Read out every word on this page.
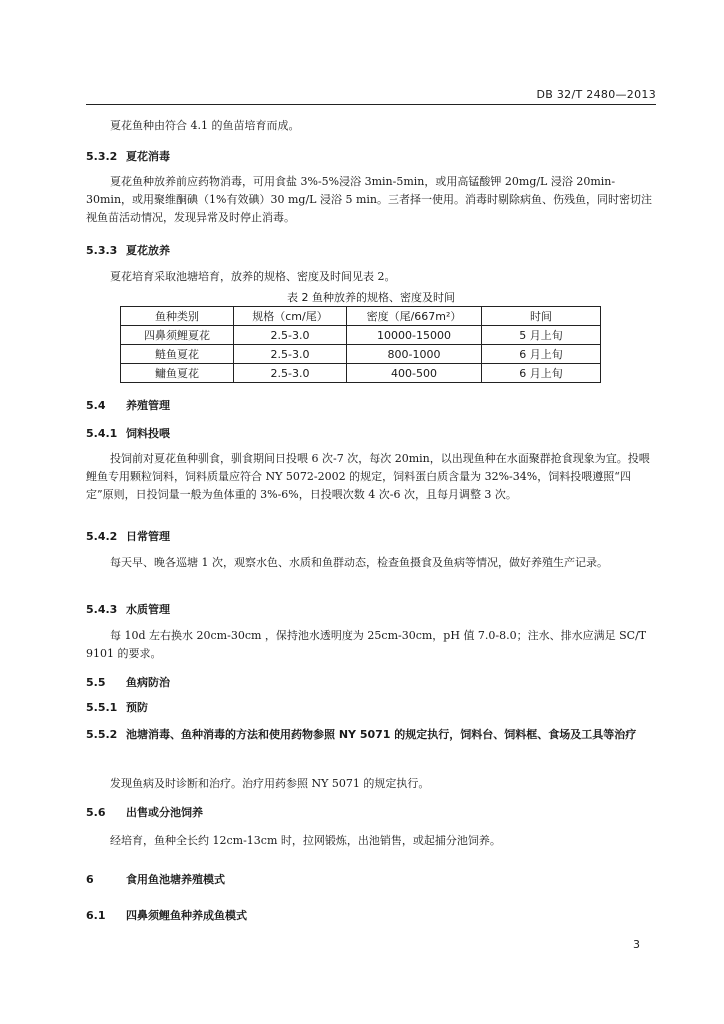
DB 32/T 2480—2013
夏花鱼种由符合 4.1 的鱼苗培育而成。
5.3.2 夏花消毒
夏花鱼种放养前应药物消毒，可用食盐 3%-5%浸浴 3min-5min，或用高锰酸钾 20mg/L 浸浴 20min-30min，或用聚维酮碘（1%有效碘）30 mg/L 浸浴 5 min。三者择一使用。消毒时剔除病鱼、伤残鱼，同时密切注视鱼苗活动情况，发现异常及时停止消毒。
5.3.3 夏花放养
夏花培育采取池塘培育，放养的规格、密度及时间见表 2。
表 2 鱼种放养的规格、密度及时间
鱼种类别	规格（cm/尾）	密度（尾/667m²）	时间
四鼻须鲤夏花	2.5-3.0	10000-15000	5 月上旬
鲢鱼夏花	2.5-3.0	800-1000	6 月上旬
鳙鱼夏花	2.5-3.0	400-500	6 月上旬
5.4 养殖管理
5.4.1 饲料投喂
投饲前对夏花鱼种驯食，驯食期间日投喂 6 次-7 次，每次 20min，以出现鱼种在水面聚群抢食现象为宜。投喂鲤鱼专用颗粒饲料，饲料质量应符合 NY 5072-2002 的规定，饲料蛋白质含量为 32%-34%，饲料投喂遵照“四定”原则，日投饲量一般为鱼体重的 3%-6%，日投喂次数 4 次-6 次，且每月调整 3 次。
5.4.2 日常管理
每天早、晚各巡塘 1 次，观察水色、水质和鱼群动态，检查鱼摄食及鱼病等情况，做好养殖生产记录。
5.4.3 水质管理
每 10d 左右换水 20cm-30cm ，保持池水透明度为 25cm-30cm，pH 值 7.0-8.0；注水、排水应满足 SC/T 9101 的要求。
5.5 鱼病防治
5.5.1 预防
5.5.2 池塘消毒、鱼种消毒的方法和使用药物参照 NY 5071 的规定执行，饲料台、饲料框、食场及工具等治疗
发现鱼病及时诊断和治疗。治疗用药参照 NY 5071 的规定执行。
5.6 出售或分池饲养
经培育，鱼种全长约 12cm-13cm 时，拉网锻炼，出池销售，或起捕分池饲养。
6	食用鱼池塘养殖模式
6.1 四鼻须鲤鱼种养成鱼模式
3
